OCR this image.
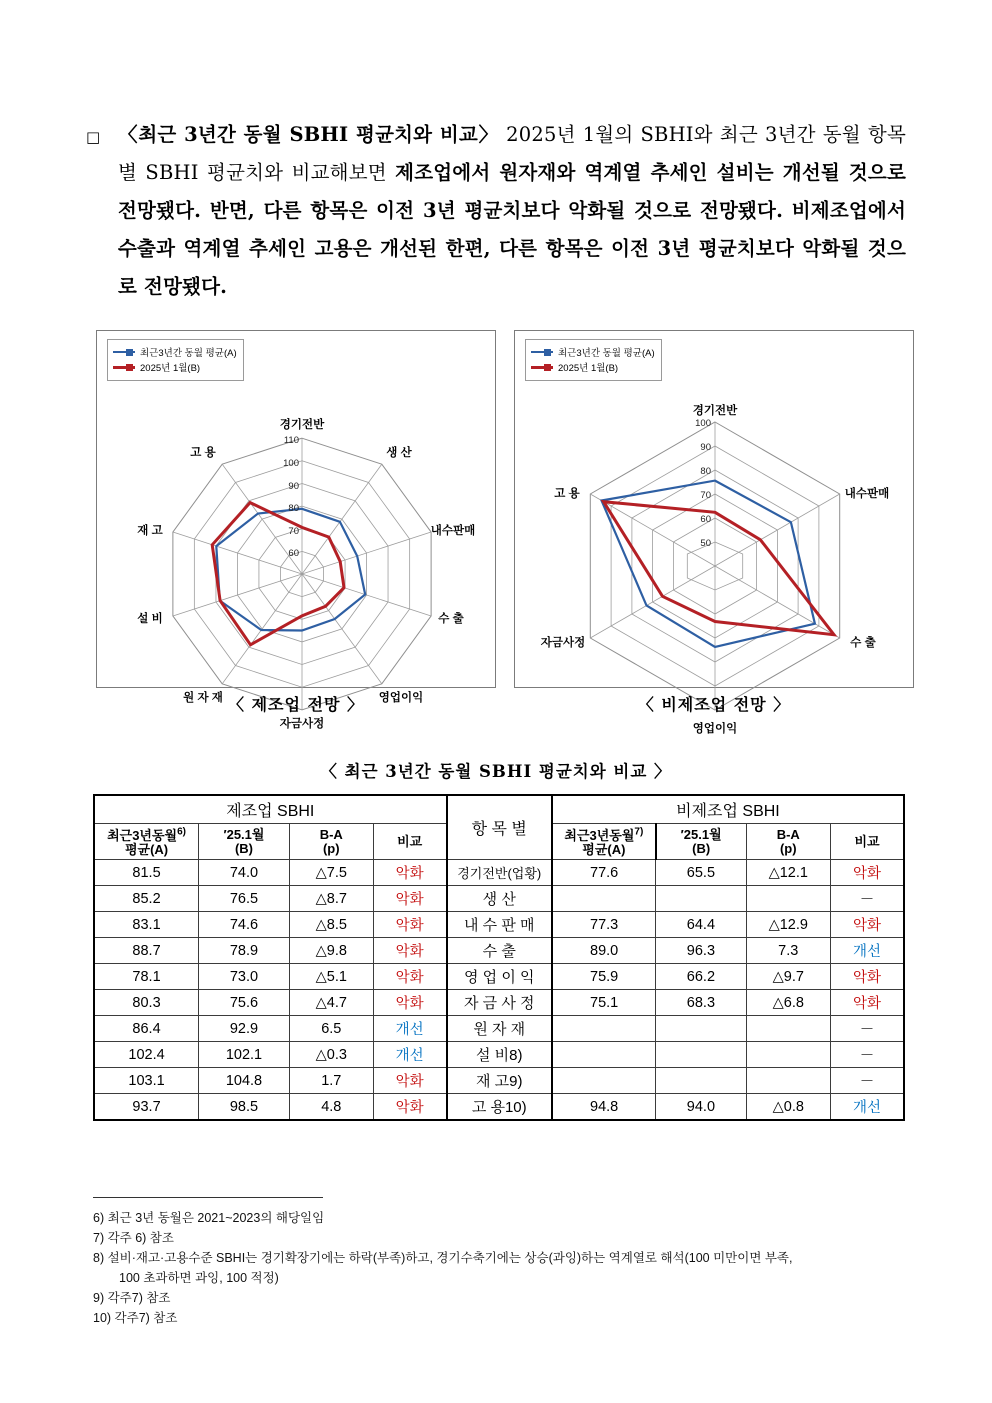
□ 〈최근 3년간 동월 SBHI 평균치와 비교〉 2025년 1월의 SBHI와 최근 3년간 동월 항목별 SBHI 평균치와 비교해보면 제조업에서 원자재와 역계열 추세인 설비는 개선될 것으로 전망됐다. 반면, 다른 항목은 이전 3년 평균치보다 악화될 것으로 전망됐다. 비제조업에서 수출과 역계열 추세인 고용은 개선된 한편, 다른 항목은 이전 3년 평균치보다 악화될 것으로 전망됐다.
최근3년간 동월 평균(A)
2025년 1월(B)
110
100
90
80
70
60
경기전반
생 산
내수판매
수 출
영업이익
자금사정
원 자 재
설 비
재 고
고 용
최근3년간 동월 평균(A)
2025년 1월(B)
100
90
80
70
60
50
경기전반
내수판매
수 출
영업이익
자금사정
고 용
〈 제조업 전망 〉	〈 비제조업 전망 〉
〈 최근 3년간 동월 SBHI 평균치와 비교 〉
제조업 SBHI				항 목 별	비제조업 SBHI			
최근3년동월$^{6)}$
평균(A)	′25.1월
(B)	B-A
(p)	비교		최근3년동월$^{7)}$
평균(A)	′25.1월
(B)	B-A
(p)	비교
81.5	74.0	△7.5	악화	경기전반(업황)	77.6	65.5	△12.1	악화
85.2	76.5	△8.7	악화	생 산				－
83.1	74.6	△8.5	악화	내 수 판 매	77.3	64.4	△12.9	악화
88.7	78.9	△9.8	악화	수 출	89.0	96.3	7.3	개선
78.1	73.0	△5.1	악화	영 업 이 익	75.9	66.2	△9.7	악화
80.3	75.6	△4.7	악화	자 금 사 정	75.1	68.3	△6.8	악화
86.4	92.9	6.5	개선	원 자 재				－
102.4	102.1	△0.3	개선	설 비8)				－
103.1	104.8	1.7	악화	재 고9)				－
93.7	98.5	4.8	악화	고 용10)	94.8	94.0	△0.8	개선
6) 최근 3년 동월은 2021~2023의 해당일임
7) 각주 6) 참조
8) 설비·재고·고용수준 SBHI는 경기확장기에는 하락(부족)하고, 경기수축기에는 상승(과잉)하는 역계열로 해석(100 미만이면 부족,
100 초과하면 과잉, 100 적정)
9) 각주7) 참조
10) 각주7) 참조
